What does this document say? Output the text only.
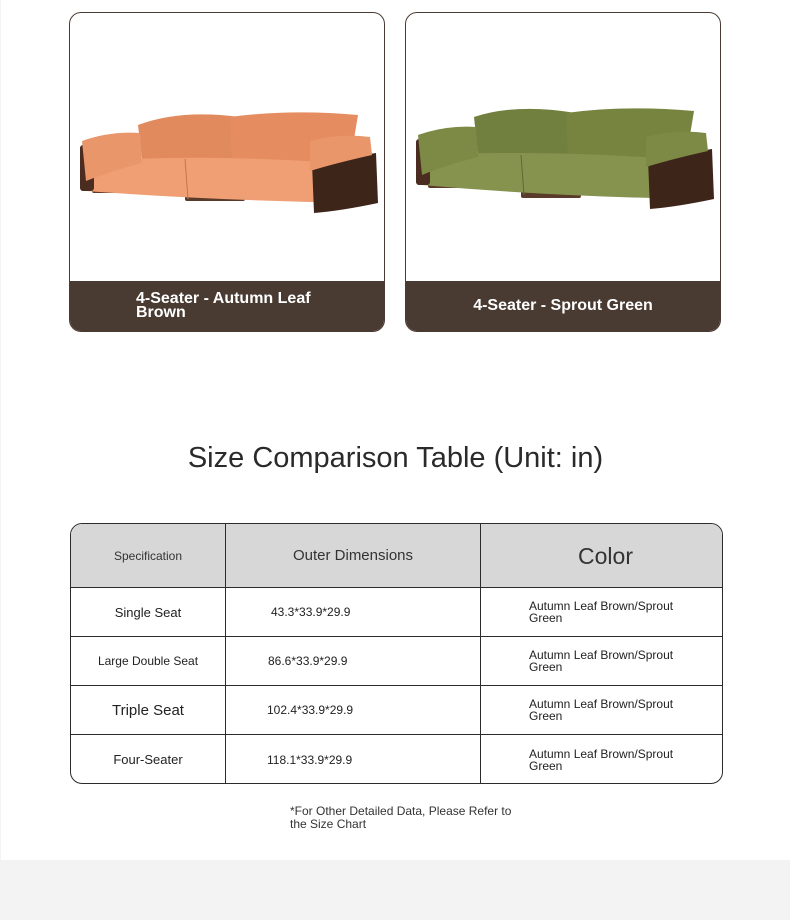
4-Seater - Autumn Leaf Brown	4-Seater - Sprout Green
Size Comparison Table (Unit: in)
Specification	Outer Dimensions	Color
Single Seat	43.3*33.9*29.9	Autumn Leaf Brown/Sprout Green
Large Double Seat	86.6*33.9*29.9	Autumn Leaf Brown/Sprout Green
Triple Seat	102.4*33.9*29.9	Autumn Leaf Brown/Sprout Green
Four-Seater	118.1*33.9*29.9	Autumn Leaf Brown/Sprout Green
*For Other Detailed Data, Please Refer to the Size Chart
